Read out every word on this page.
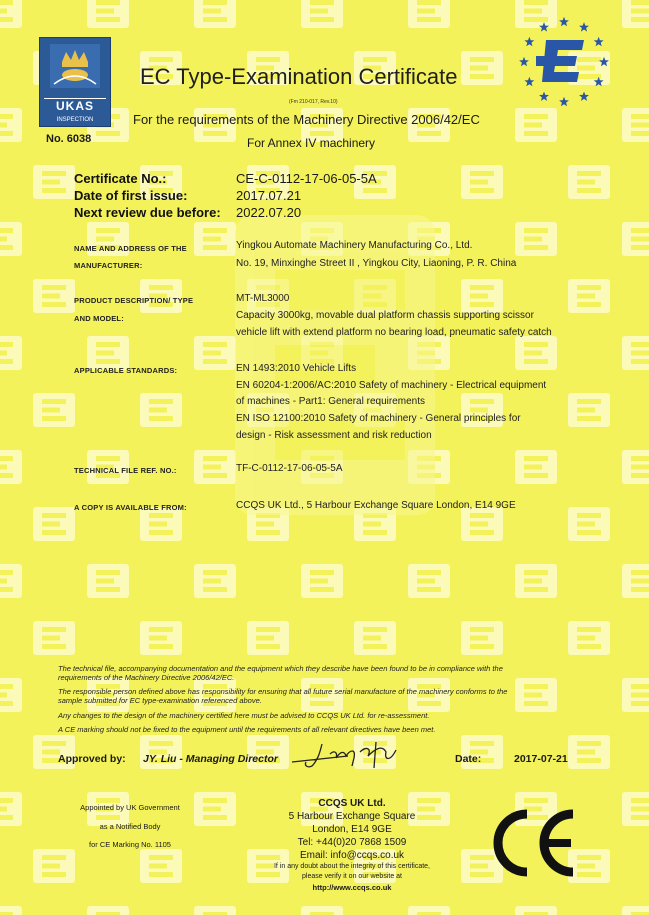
UKAS
INSPECTION
No. 6038
EC Type-Examination Certificate
(Fm 210-017, Rev.10)
For the requirements of the Machinery Directive 2006/42/EC
For Annex IV machinery
Certificate No.:	CE-C-0112-17-06-05-5A
Date of first issue:	2017.07.21
Next review due before: 2022.07.20
NAME AND ADDRESS OF THE
MANUFACTURER:
Yingkou Automate Machinery Manufacturing Co., Ltd.
No. 19, Minxinghe Street II , Yingkou City, Liaoning, P. R. China
PRODUCT DESCRIPTION/ TYPE
AND MODEL:
MT-ML3000
Capacity 3000kg, movable dual platform chassis supporting scissor
vehicle lift with extend platform no bearing load, pneumatic safety catch
APPLICABLE STANDARDS:	EN 1493:2010 Vehicle Lifts
EN 60204-1:2006/AC:2010 Safety of machinery - Electrical equipment
of machines - Part1: General requirements
EN ISO 12100:2010 Safety of machinery - General principles for
design - Risk assessment and risk reduction
TECHNICAL FILE REF. NO.:	TF-C-0112-17-06-05-5A
A COPY IS AVAILABLE FROM:	CCQS UK Ltd., 5 Harbour Exchange Square London, E14 9GE
The technical file, accompanying documentation and the equipment which they describe have been found to be in compliance with the
requirements of the Machinery Directive 2006/42/EC.
The responsible person defined above has responsibility for ensuring that all future serial manufacture of the machinery conforms to the
sample submitted for EC type-examination referenced above.
Any changes to the design of the machinery certified here must be advised to CCQS UK Ltd. for re-assessment.
A CE marking should not be fixed to the equipment until the requirements of all relevant directives have been met.
Approved by: JY. Liu - Managing Director	Date:	2017-07-21
Appointed by UK Government
as a Notified Body
for CE Marking No. 1105
CCQS UK Ltd.
5 Harbour Exchange Square
London, E14 9GE
Tel: +44(0)20 7868 1509
Email: info@ccqs.co.uk
If in any doubt about the integrity of this certificate,
please verify it on our website at
http://www.ccqs.co.uk
